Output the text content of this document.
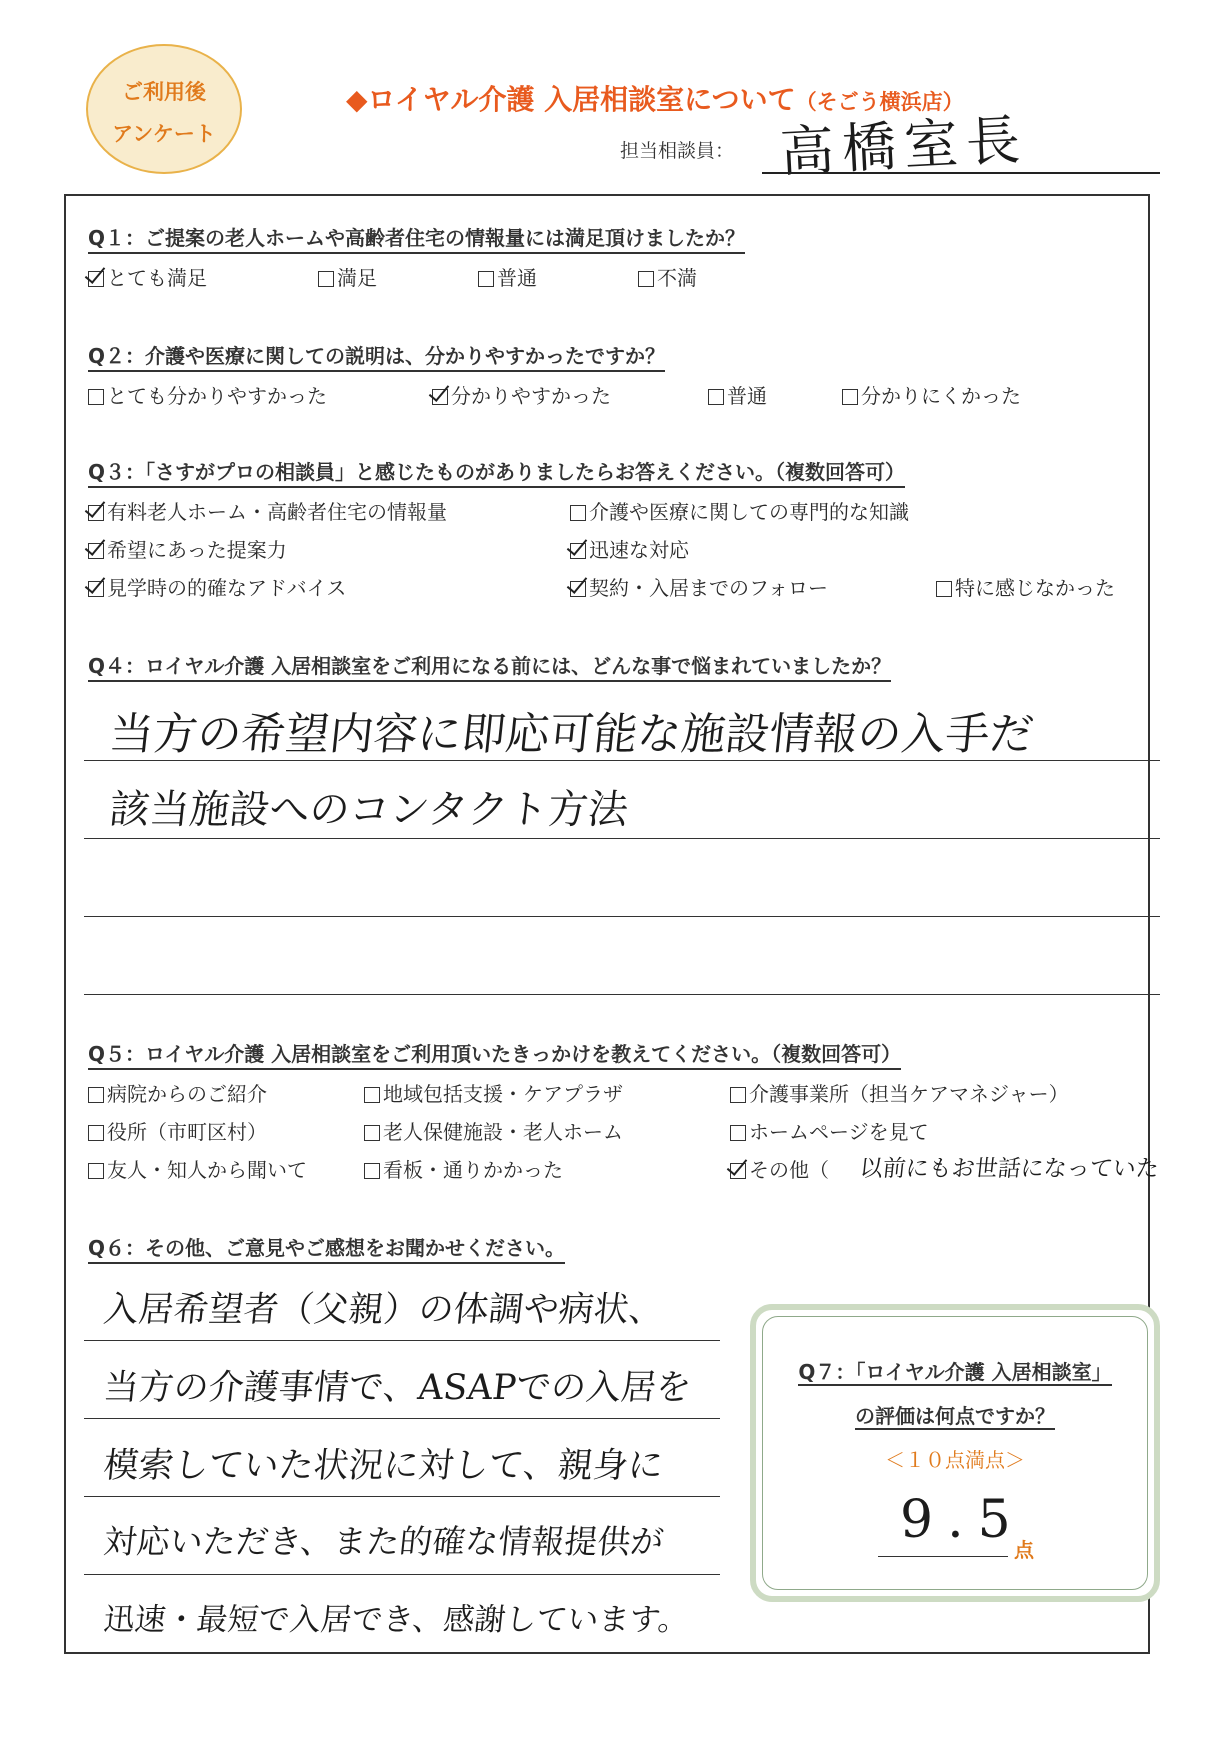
ご利用後
アンケート
◆ロイヤル介護 入居相談室について（そごう横浜店）
担当相談員： 高橋室長
Q１：ご提案の老人ホームや高齢者住宅の情報量には満足頂けましたか？
とても満足	満足	普通	不満
Q２：介護や医療に関しての説明は、分かりやすかったですか？
とても分かりやすかった	分かりやすかった	普通	分かりにくかった
Q３：「さすがプロの相談員」と感じたものがありましたらお答えください。（複数回答可）
有料老人ホーム・高齢者住宅の情報量	介護や医療に関しての専門的な知識
希望にあった提案力	迅速な対応
見学時の的確なアドバイス	契約・入居までのフォロー	特に感じなかった
Q４：ロイヤル介護 入居相談室をご利用になる前には、どんな事で悩まれていましたか？
当方の希望内容に即応可能な施設情報の入手だ
該当施設へのコンタクト方法
Q５：ロイヤル介護 入居相談室をご利用頂いたきっかけを教えてください。（複数回答可）
病院からのご紹介	地域包括支援・ケアプラザ	介護事業所（担当ケアマネジャー）
役所（市町区村）	老人保健施設・老人ホーム	ホームページを見て
友人・知人から聞いて	看板・通りかかった	その他（ 以前にもお世話になっていた
Q６：その他、ご意見やご感想をお聞かせください。
入居希望者（父親）の体調や病状、
当方の介護事情で、ASAPでの入居を
模索していた状況に対して、親身に
対応いただき、また的確な情報提供が
迅速・最短で入居でき、感謝しています。
Q７：「ロイヤル介護 入居相談室」
の評価は何点ですか？
＜１０点満点＞
9.5
点
